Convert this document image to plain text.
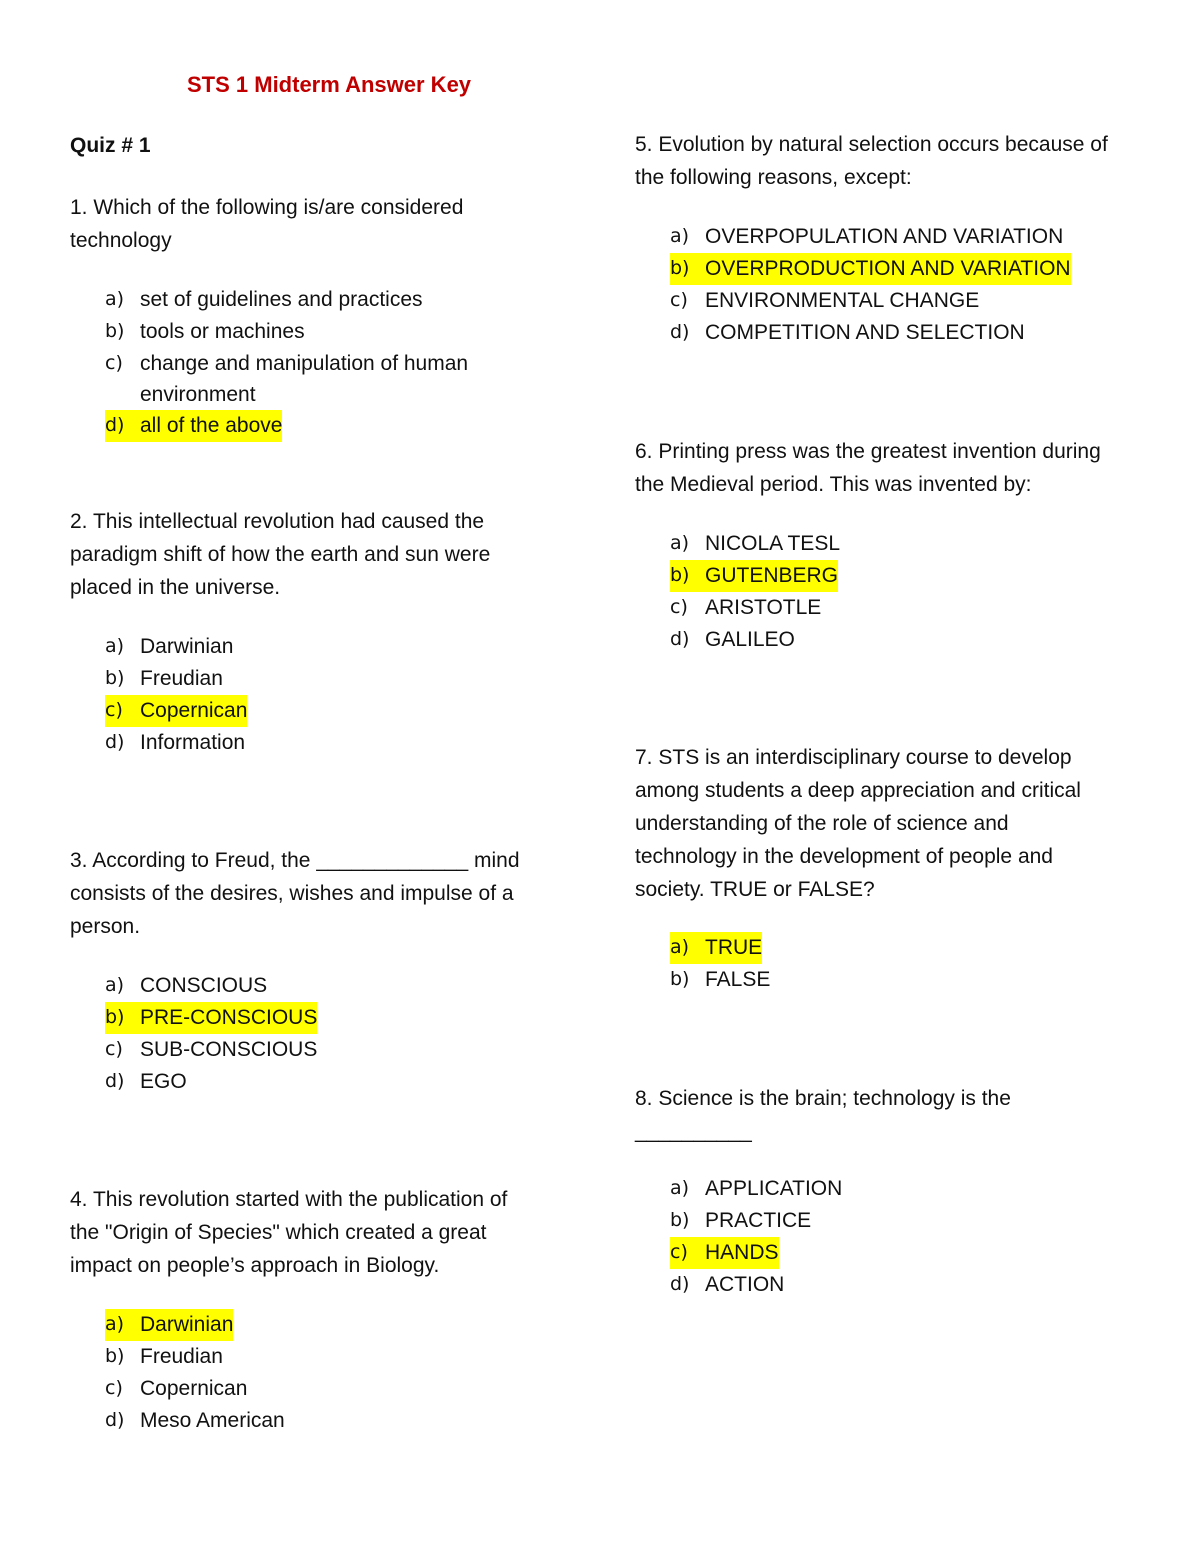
STS 1 Midterm Answer Key
Quiz # 1

1. Which of the following is/are considered technology

a) set of guidelines and practices
b) tools or machines
c) change and manipulation of human environment
d) all of the above

2. This intellectual revolution had caused the paradigm shift of how the earth and sun were placed in the universe.

a) Darwinian
b) Freudian
c) Copernican
d) Information

3. According to Freud, the _____________ mind consists of the desires, wishes and impulse of a person.

a) CONSCIOUS
b) PRE-CONSCIOUS
c) SUB-CONSCIOUS
d) EGO

4. This revolution started with the publication of the "Origin of Species" which created a great impact on people’s approach in Biology.

a) Darwinian
b) Freudian
c) Copernican
d) Meso American

5. Evolution by natural selection occurs because of the following reasons, except:

a) OVERPOPULATION AND VARIATION
b) OVERPRODUCTION AND VARIATION
c) ENVIRONMENTAL CHANGE
d) COMPETITION AND SELECTION

6. Printing press was the greatest invention during the Medieval period. This was invented by:

a) NICOLA TESL
b) GUTENBERG
c) ARISTOTLE
d) GALILEO

7. STS is an interdisciplinary course to develop among students a deep appreciation and critical understanding of the role of science and technology in the development of people and society. TRUE or FALSE?

a) TRUE
b) FALSE

8. Science is the brain; technology is the __________

a) APPLICATION
b) PRACTICE
c) HANDS
d) ACTION
